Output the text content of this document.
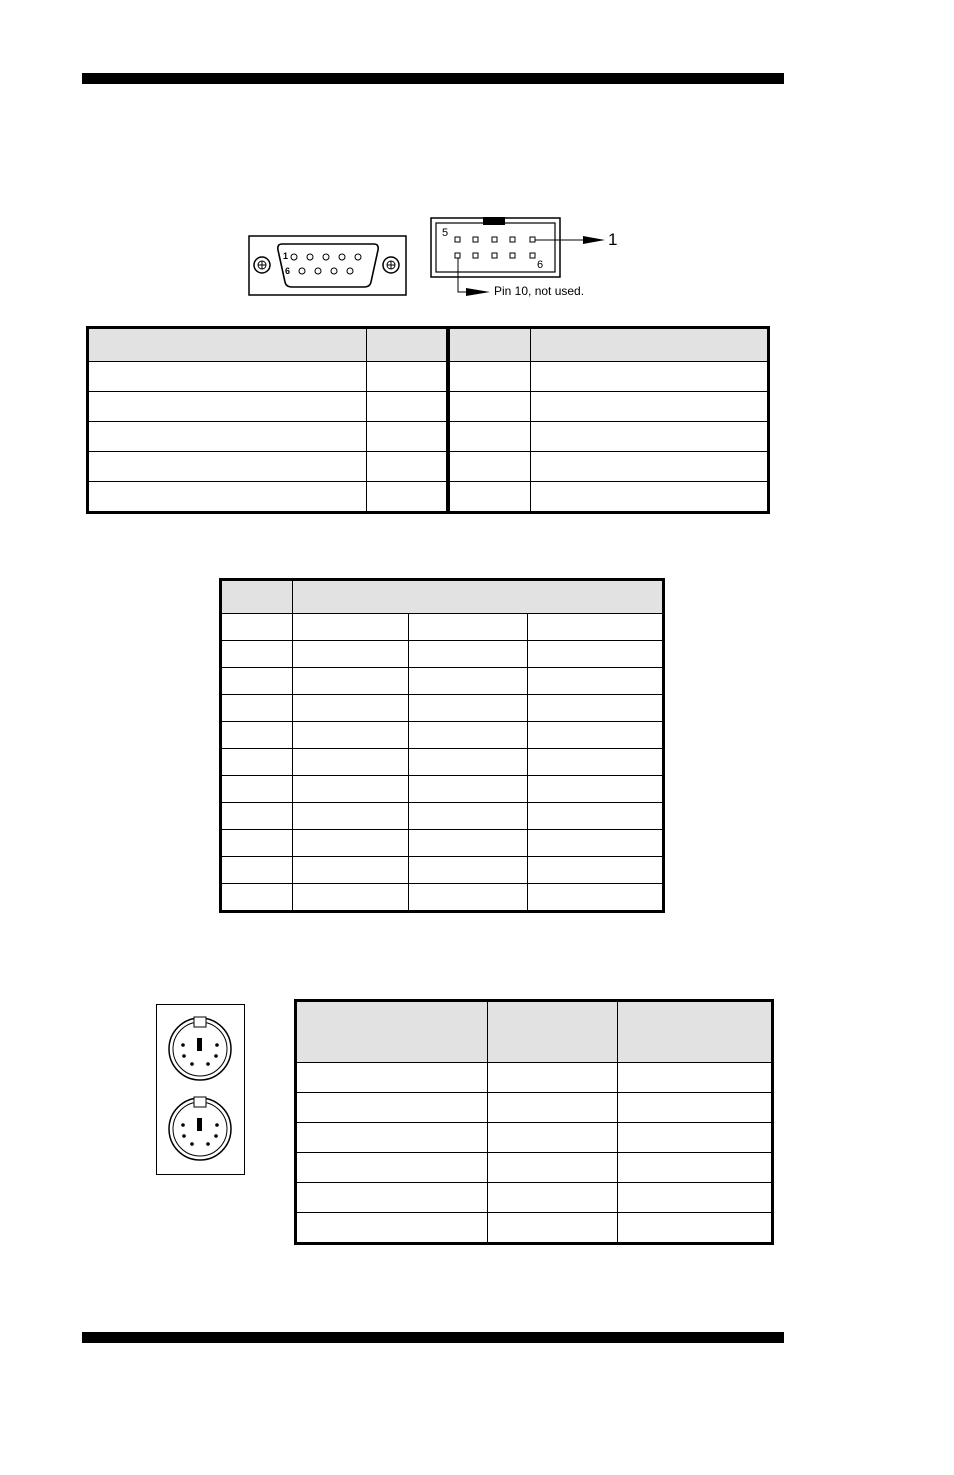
1
6
5
6
1
Pin 10, not used.
